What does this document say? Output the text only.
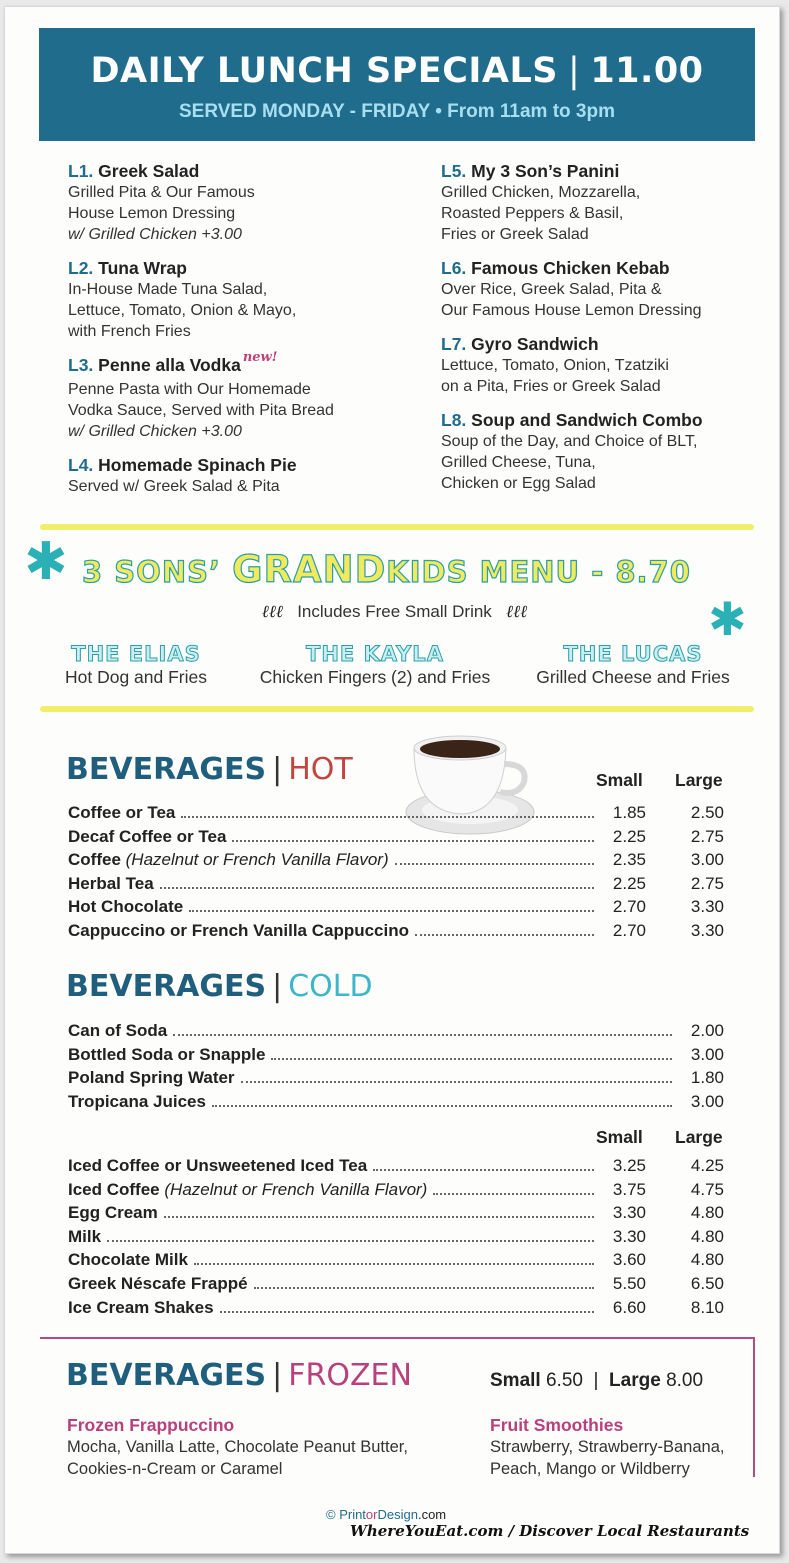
DAILY LUNCH SPECIALS | 11.00
SERVED MONDAY - FRIDAY • From 11am to 3pm
L1. Greek Salad
Grilled Pita & Our Famous
House Lemon Dressing
w/ Grilled Chicken +3.00
L2. Tuna Wrap
In-House Made Tuna Salad,
Lettuce, Tomato, Onion & Mayo,
with French Fries
L3. Penne alla Vodka $^{new!}$
Penne Pasta with Our Homemade
Vodka Sauce, Served with Pita Bread
w/ Grilled Chicken +3.00
L4. Homemade Spinach Pie
Served w/ Greek Salad & Pita
L5. My 3 Son’s Panini
Grilled Chicken, Mozzarella,
Roasted Peppers & Basil,
Fries or Greek Salad
L6. Famous Chicken Kebab
Over Rice, Greek Salad, Pita &
Our Famous House Lemon Dressing
L7. Gyro Sandwich
Lettuce, Tomato, Onion, Tzatziki
on a Pita, Fries or Greek Salad
L8. Soup and Sandwich Combo
Soup of the Day, and Choice of BLT,
Grilled Cheese, Tuna,
Chicken or Egg Salad
✱
✱
3 SONS’ GRANDKIDS MENU - 8.70
ℓℓℓ Includes Free Small Drink ℓℓℓ
THE ELIAS
Hot Dog and Fries
THE KAYLA
Chicken Fingers (2) and Fries
THE LUCAS
Grilled Cheese and Fries
BEVERAGES | HOT	Small Large
Coffee or Tea	1.85	2.50
Decaf Coffee or Tea	2.25	2.75
Coffee (Hazelnut or French Vanilla Flavor)	2.35	3.00
Herbal Tea	2.25	2.75
Hot Chocolate	2.70	3.30
Cappuccino or French Vanilla Cappuccino	2.70	3.30
BEVERAGES | COLD
Can of Soda	2.00
Bottled Soda or Snapple	3.00
Poland Spring Water	1.80
Tropicana Juices	3.00
Small Large
Iced Coffee or Unsweetened Iced Tea	3.25	4.25
Iced Coffee (Hazelnut or French Vanilla Flavor)	3.75	4.75
Egg Cream	3.30	4.80
Milk	3.30	4.80
Chocolate Milk	3.60	4.80
Greek Néscafe Frappé	5.50	6.50
Ice Cream Shakes	6.60	8.10
BEVERAGES | FROZEN	Small 6.50  |  Large 8.00
Frozen Frappuccino
Mocha, Vanilla Latte, Chocolate Peanut Butter,
Cookies-n-Cream or Caramel
Fruit Smoothies
Strawberry, Strawberry-Banana,
Peach, Mango or Wildberry
© PrintorDesign.com
WhereYouEat.com / Discover Local Restaurants
